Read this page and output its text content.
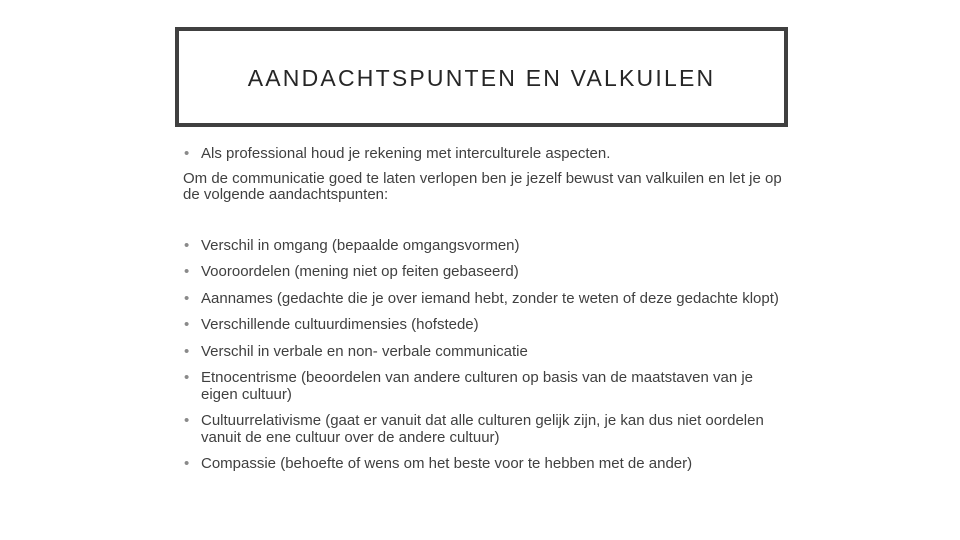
AANDACHTSPUNTEN EN VALKUILEN

• Als professional houd je rekening met interculturele aspecten.

Om de communicatie goed te laten verlopen ben je jezelf bewust van valkuilen en let je op de volgende aandachtspunten:

• Verschil in omgang (bepaalde omgangsvormen)

• Vooroordelen (mening niet op feiten gebaseerd)

• Aannames (gedachte die je over iemand hebt, zonder te weten of deze gedachte klopt)

• Verschillende cultuurdimensies (hofstede)

• Verschil in verbale en non- verbale communicatie

• Etnocentrisme (beoordelen van andere culturen op basis van de maatstaven van je eigen cultuur)

• Cultuurrelativisme (gaat er vanuit dat alle culturen gelijk zijn, je kan dus niet oordelen vanuit de ene cultuur over de andere cultuur)

• Compassie (behoefte of wens om het beste voor te hebben met de ander)
